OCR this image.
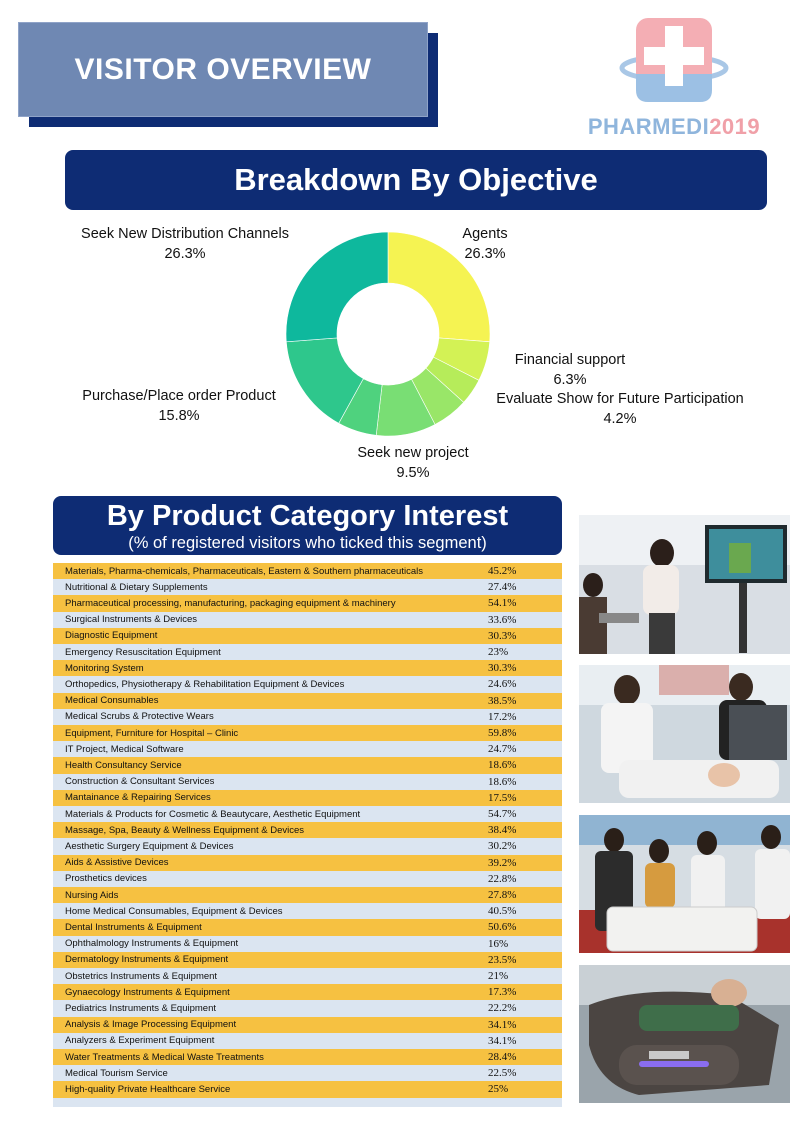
VISITOR OVERVIEW
PHARMEDI2019
Breakdown By Objective
Seek New Distribution Channels
26.3%
Agents
26.3%
Financial support
6.3%
Evaluate Show for Future Participation
4.2%
Seek new project
9.5%
Purchase/Place order Product
15.8%
By Product Category Interest
(% of registered visitors who ticked this segment)
Materials, Pharma-chemicals, Pharmaceuticals, Eastern & Southern pharmaceuticals	45.2%
Nutritional & Dietary Supplements	27.4%
Pharmaceutical processing, manufacturing, packaging equipment & machinery	54.1%
Surgical Instruments & Devices	33.6%
Diagnostic Equipment	30.3%
Emergency Resuscitation Equipment	23%
Monitoring System	30.3%
Orthopedics, Physiotherapy & Rehabilitation Equipment & Devices	24.6%
Medical Consumables	38.5%
Medical Scrubs & Protective Wears	17.2%
Equipment, Furniture for Hospital – Clinic	59.8%
IT Project, Medical Software	24.7%
Health Consultancy Service	18.6%
Construction & Consultant Services	18.6%
Mantainance & Repairing Services	17.5%
Materials & Products for Cosmetic & Beautycare, Aesthetic Equipment	54.7%
Massage, Spa, Beauty & Wellness Equipment & Devices	38.4%
Aesthetic Surgery Equipment & Devices	30.2%
Aids & Assistive Devices	39.2%
Prosthetics devices	22.8%
Nursing Aids	27.8%
Home Medical Consumables, Equipment & Devices	40.5%
Dental Instruments & Equipment	50.6%
Ophthalmology Instruments & Equipment	16%
Dermatology Instruments & Equipment	23.5%
Obstetrics Instruments & Equipment	21%
Gynaecology Instruments & Equipment	17.3%
Pediatrics Instruments & Equipment	22.2%
Analysis & Image Processing Equipment	34.1%
Analyzers & Experiment Equipment	34.1%
Water Treatments & Medical Waste Treatments	28.4%
Medical Tourism Service	22.5%
High-quality Private Healthcare Service	25%
